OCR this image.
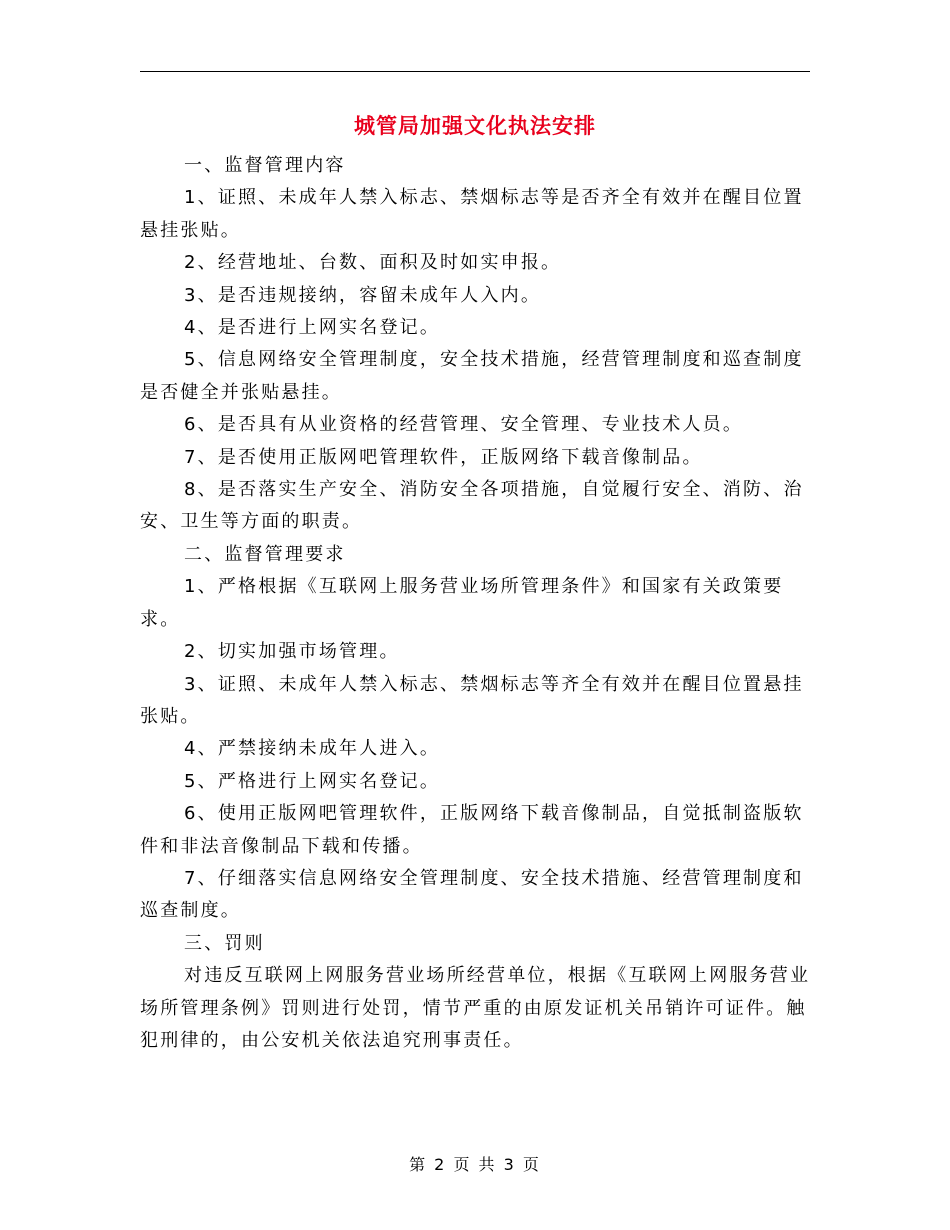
城管局加强文化执法安排

一、监督管理内容

1、证照、未成年人禁入标志、禁烟标志等是否齐全有效并在醒目位置悬挂张贴。

2、经营地址、台数、面积及时如实申报。

3、是否违规接纳，容留未成年人入内。

4、是否进行上网实名登记。

5、信息网络安全管理制度，安全技术措施，经营管理制度和巡查制度是否健全并张贴悬挂。

6、是否具有从业资格的经营管理、安全管理、专业技术人员。

7、是否使用正版网吧管理软件，正版网络下载音像制品。

8、是否落实生产安全、消防安全各项措施，自觉履行安全、消防、治安、卫生等方面的职责。

二、监督管理要求

1、严格根据《互联网上服务营业场所管理条件》和国家有关政策要求。

2、切实加强市场管理。

3、证照、未成年人禁入标志、禁烟标志等齐全有效并在醒目位置悬挂张贴。

4、严禁接纳未成年人进入。

5、严格进行上网实名登记。

6、使用正版网吧管理软件，正版网络下载音像制品，自觉抵制盗版软件和非法音像制品下载和传播。

7、仔细落实信息网络安全管理制度、安全技术措施、经营管理制度和巡查制度。

三、罚则

对违反互联网上网服务营业场所经营单位，根据《互联网上网服务营业场所管理条例》罚则进行处罚，情节严重的由原发证机关吊销许可证件。触犯刑律的，由公安机关依法追究刑事责任。

第 2 页 共 3 页
